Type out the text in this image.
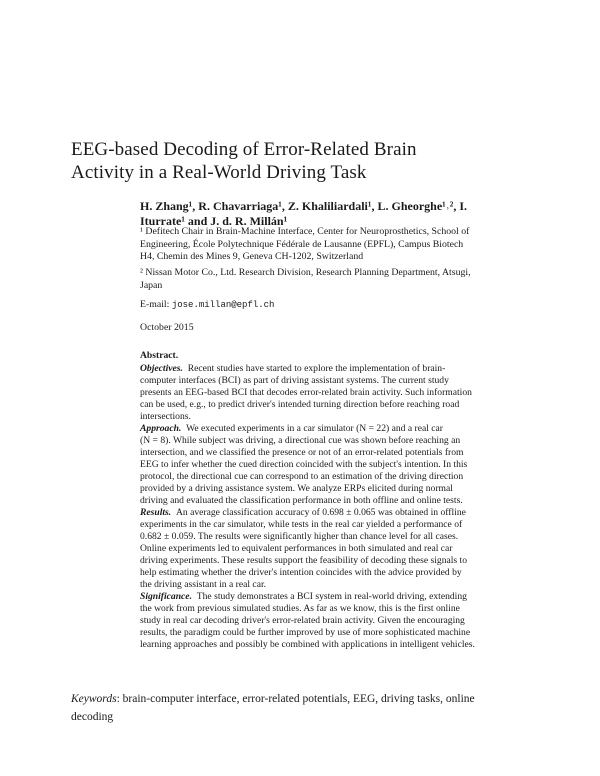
EEG-based Decoding of Error-Related Brain
Activity in a Real-World Driving Task
H. Zhang¹, R. Chavarriaga¹, Z. Khaliliardali¹, L. Gheorghe¹˒², I.
Iturrate¹ and J. d. R. Millán¹
¹ Defitech Chair in Brain-Machine Interface, Center for Neuroprosthetics, School of
Engineering, École Polytechnique Fédérale de Lausanne (EPFL), Campus Biotech
H4, Chemin des Mines 9, Geneva CH-1202, Switzerland
² Nissan Motor Co., Ltd. Research Division, Research Planning Department, Atsugi,
Japan
E-mail: jose.millan@epfl.ch
October 2015
Abstract.
Objectives. Recent studies have started to explore the implementation of brain-
computer interfaces (BCI) as part of driving assistant systems. The current study
presents an EEG-based BCI that decodes error-related brain activity. Such information
can be used, e.g., to predict driver's intended turning direction before reaching road
intersections.
Approach. We executed experiments in a car simulator (N = 22) and a real car
(N = 8). While subject was driving, a directional cue was shown before reaching an
intersection, and we classified the presence or not of an error-related potentials from
EEG to infer whether the cued direction coincided with the subject's intention. In this
protocol, the directional cue can correspond to an estimation of the driving direction
provided by a driving assistance system. We analyze ERPs elicited during normal
driving and evaluated the classification performance in both offline and online tests.
Results. An average classification accuracy of 0.698 ± 0.065 was obtained in offline
experiments in the car simulator, while tests in the real car yielded a performance of
0.682 ± 0.059. The results were significantly higher than chance level for all cases.
Online experiments led to equivalent performances in both simulated and real car
driving experiments. These results support the feasibility of decoding these signals to
help estimating whether the driver's intention coincides with the advice provided by
the driving assistant in a real car.
Significance. The study demonstrates a BCI system in real-world driving, extending
the work from previous simulated studies. As far as we know, this is the first online
study in real car decoding driver's error-related brain activity. Given the encouraging
results, the paradigm could be further improved by use of more sophisticated machine
learning approaches and possibly be combined with applications in intelligent vehicles.
Keywords: brain-computer interface, error-related potentials, EEG, driving tasks, online
decoding
